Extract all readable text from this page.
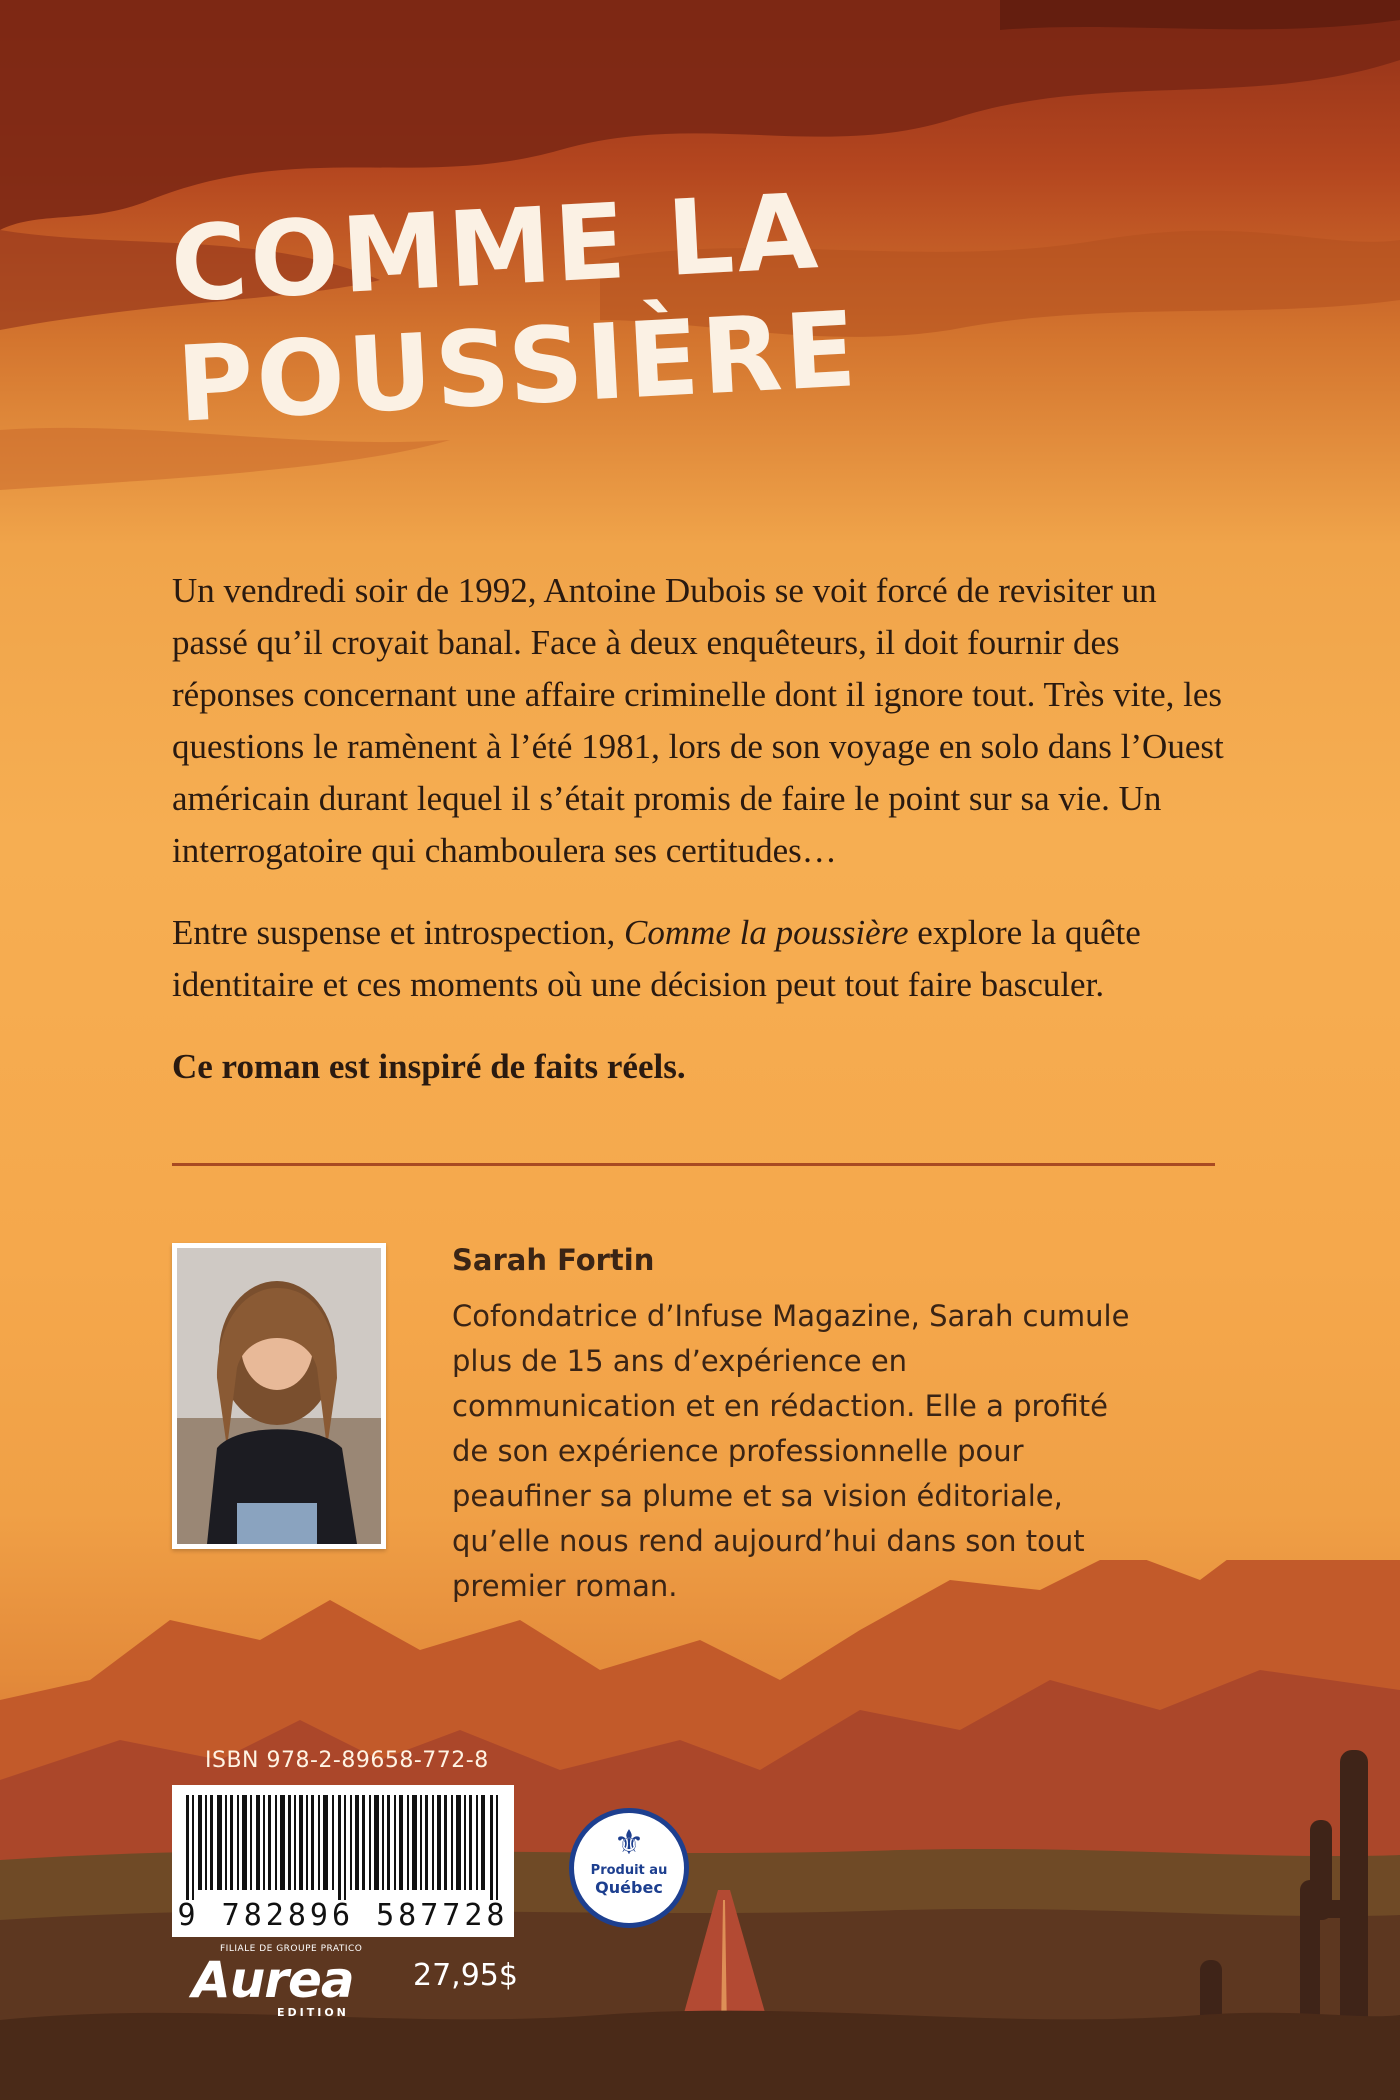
COMME LA
POUSSIÈRE

Un vendredi soir de 1992, Antoine Dubois se voit forcé de revisiter un passé qu’il croyait banal. Face à deux enquêteurs, il doit fournir des réponses concernant une affaire criminelle dont il ignore tout. Très vite, les questions le ramènent à l’été 1981, lors de son voyage en solo dans l’Ouest américain durant lequel il s’était promis de faire le point sur sa vie. Un interrogatoire qui chamboulera ses certitudes…

Entre suspense et introspection, Comme la poussière explore la quête identitaire et ces moments où une décision peut tout faire basculer.

Ce roman est inspiré de faits réels.

Sarah Fortin

Cofondatrice d’Infuse Magazine, Sarah cumule plus de 15 ans d’expérience en communication et en rédaction. Elle a profité de son expérience professionnelle pour peaufiner sa plume et sa vision éditoriale, qu’elle nous rend aujourd’hui dans son tout premier roman.

ISBN 978-2-89658-772-8
9 782896 587728
⚜
Produit au
Québec
FILIALE DE GROUPE PRATICO
Aurea
EDITION
27,95$
